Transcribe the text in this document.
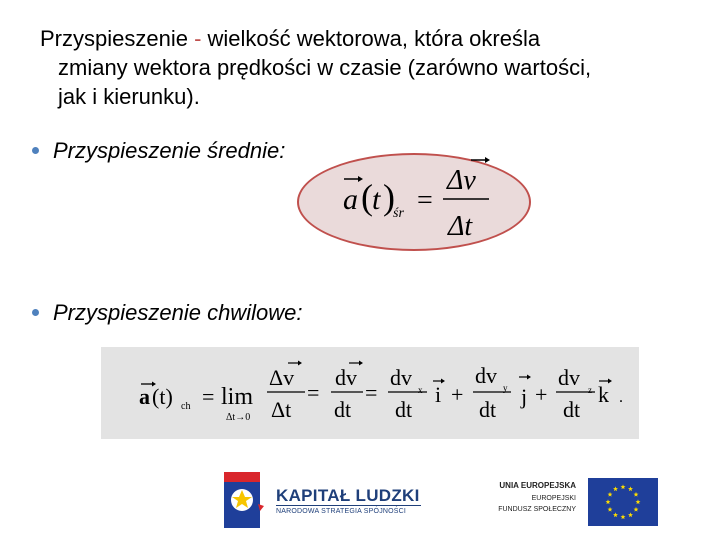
Przyspieszenie - wielkość wektorowa, która określa
zmiany wektora prędkości w czasie (zarówno wartości,
jak i kierunku).
Przyspieszenie średnie:
a ( t )
śr =
Δv
Δt
Przyspieszenie chwilowe:
a (t) ch = lim
Δt→0
Δv
Δt
=
dv
dt
=
dv x
dt
i +
dv y
dt
j +
dv z
dt
k .
KAPITAŁ LUDZKI
NARODOWA STRATEGIA SPÓJNOŚCI
UNIA EUROPEJSKA
EUROPEJSKI
FUNDUSZ SPOŁECZNY
